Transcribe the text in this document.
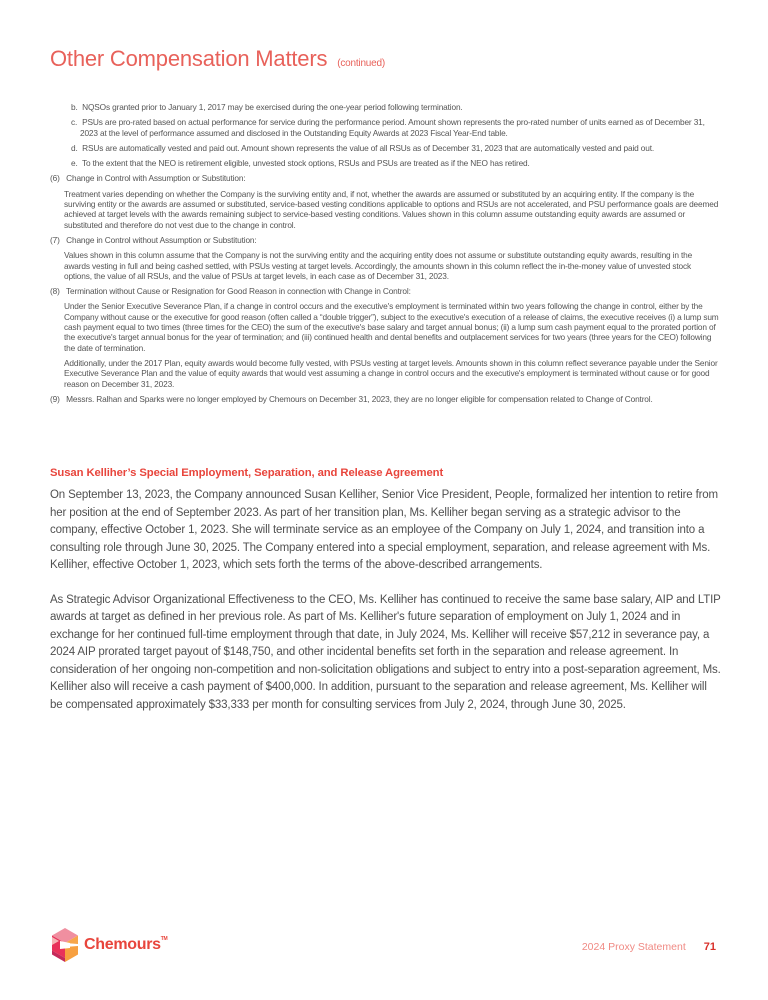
Other Compensation Matters (continued)
b. NQSOs granted prior to January 1, 2017 may be exercised during the one-year period following termination.
c. PSUs are pro-rated based on actual performance for service during the performance period. Amount shown represents the pro-rated number of units earned as of December 31, 2023 at the level of performance assumed and disclosed in the Outstanding Equity Awards at 2023 Fiscal Year-End table.
d. RSUs are automatically vested and paid out. Amount shown represents the value of all RSUs as of December 31, 2023 that are automatically vested and paid out.
e. To the extent that the NEO is retirement eligible, unvested stock options, RSUs and PSUs are treated as if the NEO has retired.
(6) Change in Control with Assumption or Substitution:
Treatment varies depending on whether the Company is the surviving entity and, if not, whether the awards are assumed or substituted by an acquiring entity. If the company is the surviving entity or the awards are assumed or substituted, service-based vesting conditions applicable to options and RSUs are not accelerated, and PSU performance goals are deemed achieved at target levels with the awards remaining subject to service-based vesting conditions. Values shown in this column assume outstanding equity awards are assumed or substituted and therefore do not vest due to the change in control.
(7) Change in Control without Assumption or Substitution:
Values shown in this column assume that the Company is not the surviving entity and the acquiring entity does not assume or substitute outstanding equity awards, resulting in the awards vesting in full and being cashed settled, with PSUs vesting at target levels. Accordingly, the amounts shown in this column reflect the in-the-money value of unvested stock options, the value of all RSUs, and the value of PSUs at target levels, in each case as of December 31, 2023.
(8) Termination without Cause or Resignation for Good Reason in connection with Change in Control:
Under the Senior Executive Severance Plan, if a change in control occurs and the executive's employment is terminated within two years following the change in control, either by the Company without cause or the executive for good reason (often called a “double trigger”), subject to the executive's execution of a release of claims, the executive receives (i) a lump sum cash payment equal to two times (three times for the CEO) the sum of the executive's base salary and target annual bonus; (ii) a lump sum cash payment equal to the prorated portion of the executive's target annual bonus for the year of termination; and (iii) continued health and dental benefits and outplacement services for two years (three years for the CEO) following the date of termination.
Additionally, under the 2017 Plan, equity awards would become fully vested, with PSUs vesting at target levels. Amounts shown in this column reflect severance payable under the Senior Executive Severance Plan and the value of equity awards that would vest assuming a change in control occurs and the executive's employment is terminated without cause or for good reason on December 31, 2023.
(9) Messrs. Ralhan and Sparks were no longer employed by Chemours on December 31, 2023, they are no longer eligible for compensation related to Change of Control.
Susan Kelliher’s Special Employment, Separation, and Release Agreement

On September 13, 2023, the Company announced Susan Kelliher, Senior Vice President, People, formalized her intention to retire from her position at the end of September 2023. As part of her transition plan, Ms. Kelliher began serving as a strategic advisor to the company, effective October 1, 2023. She will terminate service as an employee of the Company on July 1, 2024, and transition into a consulting role through June 30, 2025. The Company entered into a special employment, separation, and release agreement with Ms. Kelliher, effective October 1, 2023, which sets forth the terms of the above-described arrangements.

As Strategic Advisor Organizational Effectiveness to the CEO, Ms. Kelliher has continued to receive the same base salary, AIP and LTIP awards at target as defined in her previous role. As part of Ms. Kelliher's future separation of employment on July 1, 2024 and in exchange for her continued full-time employment through that date, in July 2024, Ms. Kelliher will receive $57,212 in severance pay, a 2024 AIP prorated target payout of $148,750, and other incidental benefits set forth in the separation and release agreement. In consideration of her ongoing non-competition and non-solicitation obligations and subject to entry into a post-separation agreement, Ms. Kelliher also will receive a cash payment of $400,000. In addition, pursuant to the separation and release agreement, Ms. Kelliher will be compensated approximately $33,333 per month for consulting services from July 2, 2024, through June 30, 2025.

Chemours™
2024 Proxy Statement 71
